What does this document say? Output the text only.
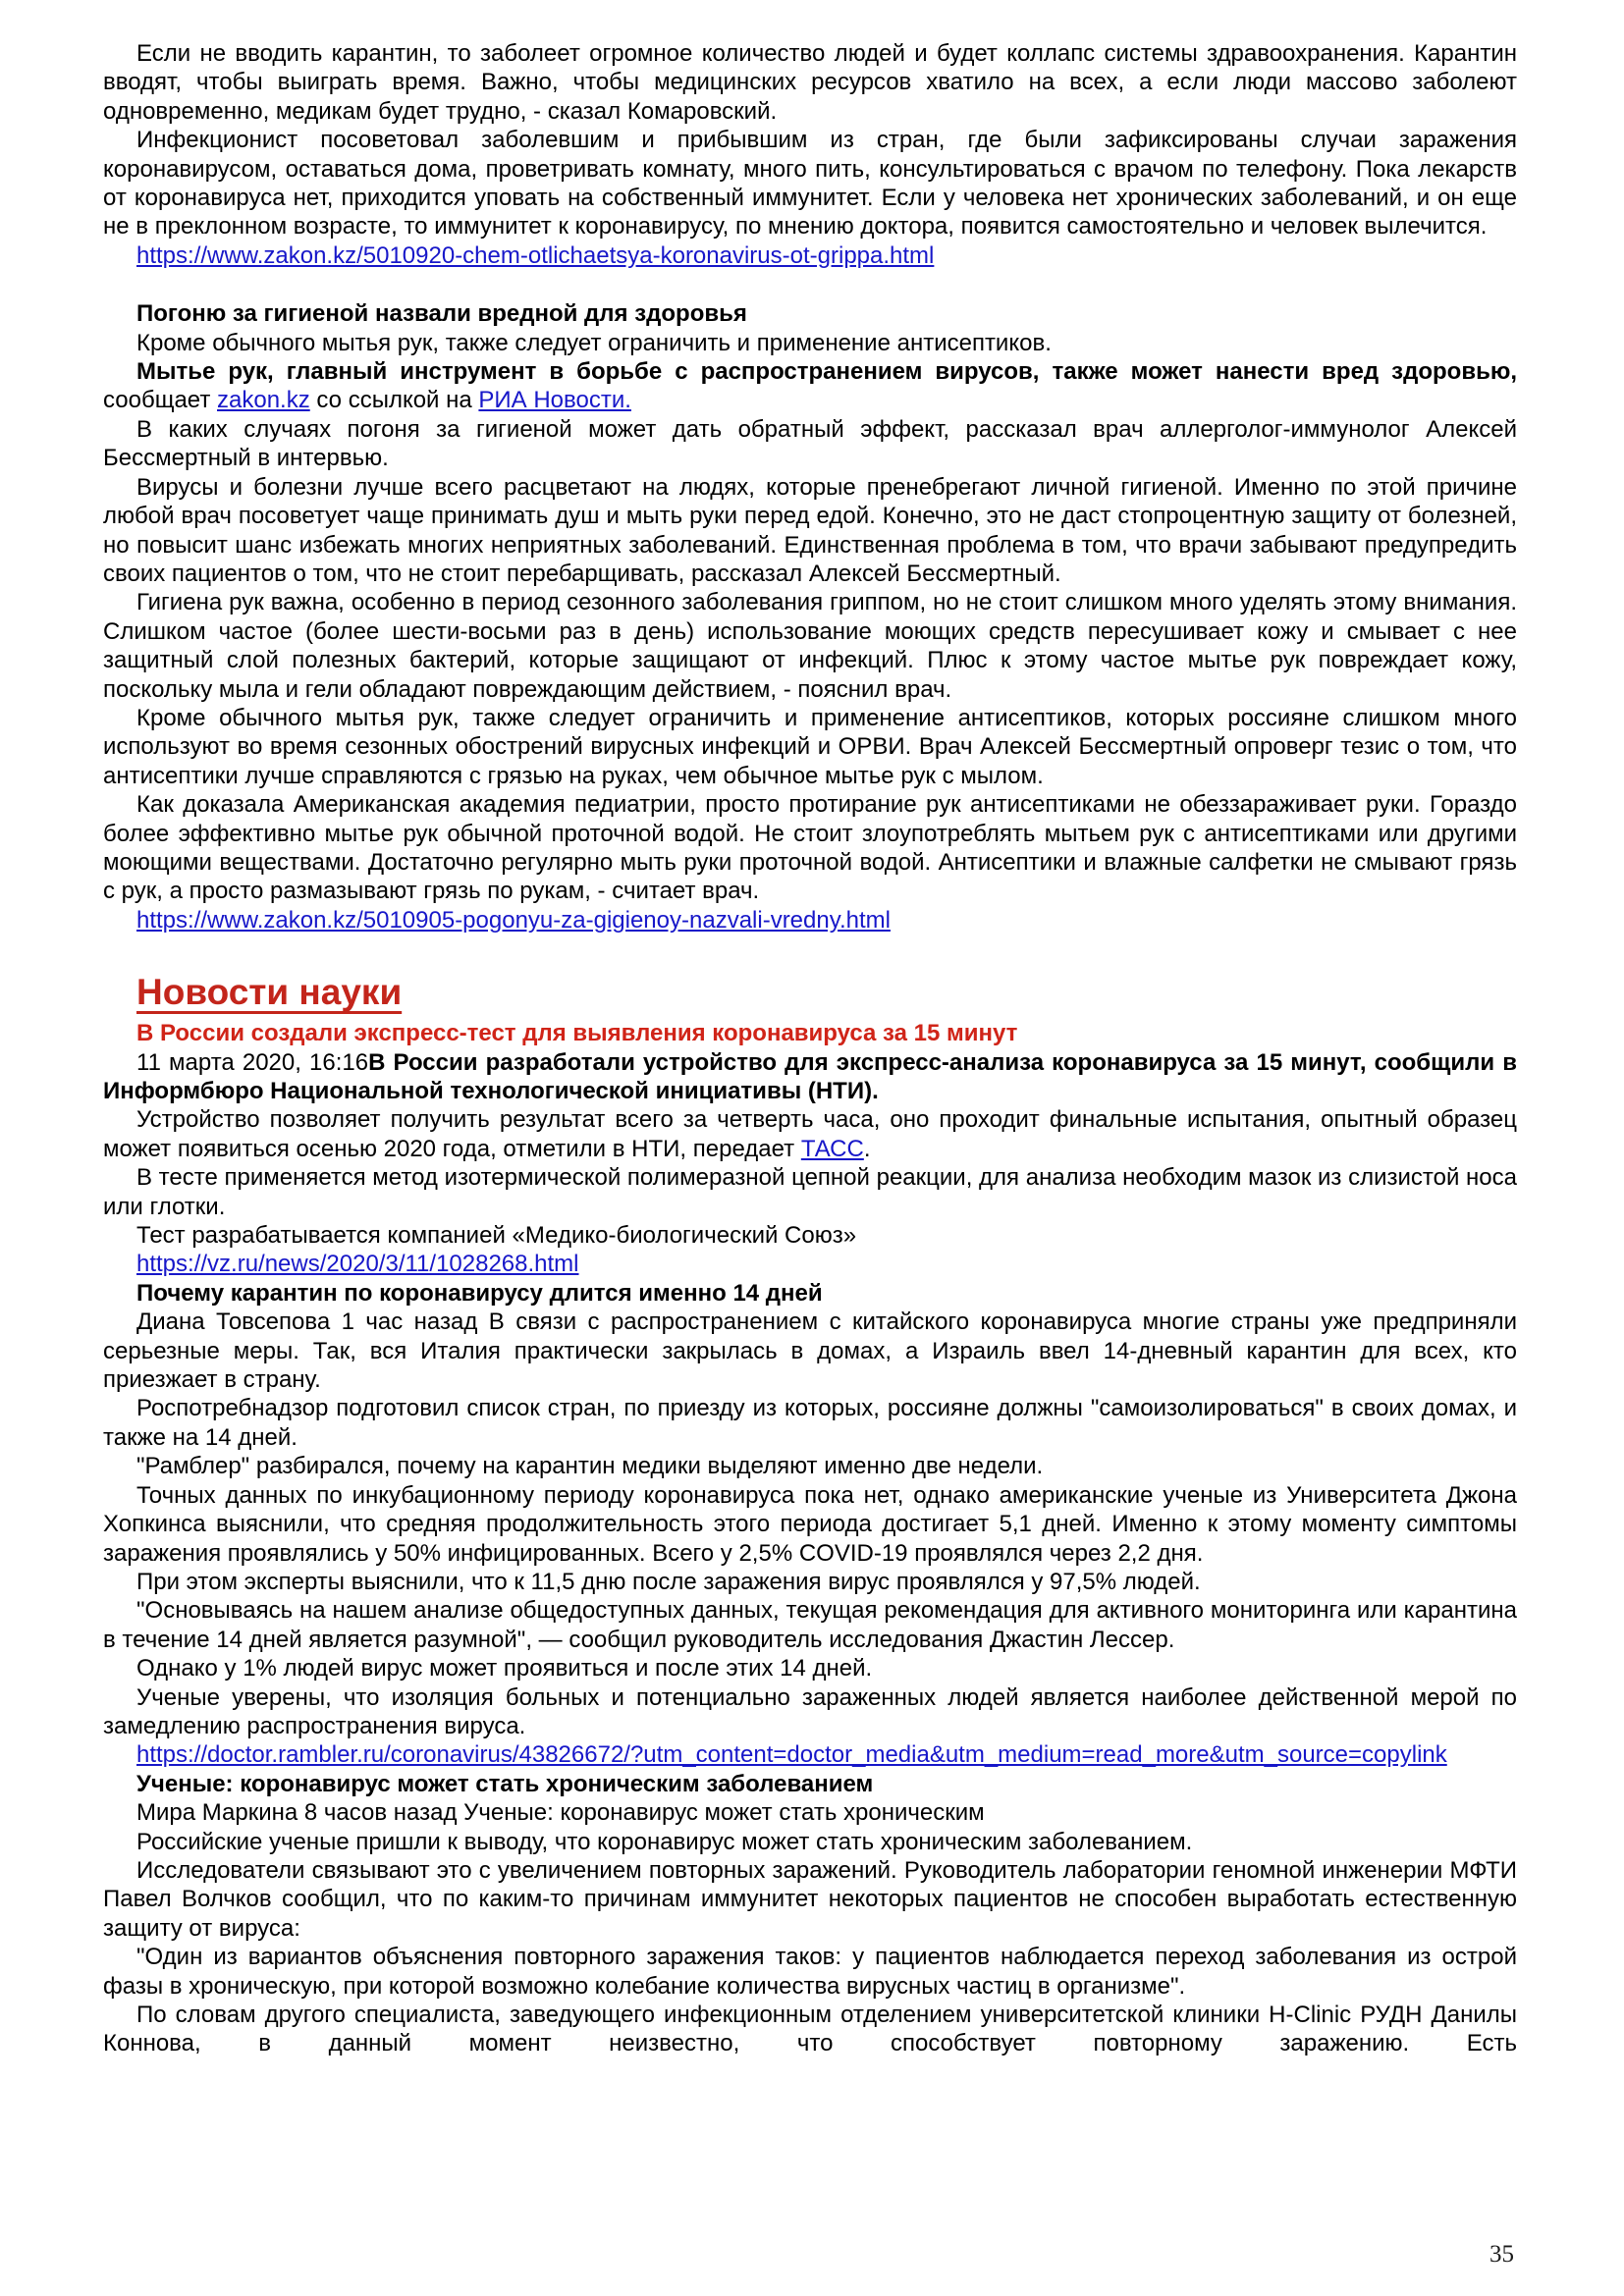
Если не вводить карантин, то заболеет огромное количество людей и будет коллапс системы здравоохранения. Карантин вводят, чтобы выиграть время. Важно, чтобы медицинских ресурсов хватило на всех, а если люди массово заболеют одновременно, медикам будет трудно, - сказал Комаровский.

Инфекционист посоветовал заболевшим и прибывшим из стран, где были зафиксированы случаи заражения коронавирусом, оставаться дома, проветривать комнату, много пить, консультироваться с врачом по телефону. Пока лекарств от коронавируса нет, приходится уповать на собственный иммунитет. Если у человека нет хронических заболеваний, и он еще не в преклонном возрасте, то иммунитет к коронавирусу, по мнению доктора, появится самостоятельно и человек вылечится.

https://www.zakon.kz/5010920-chem-otlichaetsya-koronavirus-ot-grippa.html

Погоню за гигиеной назвали вредной для здоровья

Кроме обычного мытья рук, также следует ограничить и применение антисептиков.

Мытье рук, главный инструмент в борьбе с распространением вирусов, также может нанести вред здоровью, сообщает zakon.kz со ссылкой на РИА Новости.

В каких случаях погоня за гигиеной может дать обратный эффект, рассказал врач аллерголог-иммунолог Алексей Бессмертный в интервью.

Вирусы и болезни лучше всего расцветают на людях, которые пренебрегают личной гигиеной. Именно по этой причине любой врач посоветует чаще принимать душ и мыть руки перед едой. Конечно, это не даст стопроцентную защиту от болезней, но повысит шанс избежать многих неприятных заболеваний. Единственная проблема в том, что врачи забывают предупредить своих пациентов о том, что не стоит перебарщивать, рассказал Алексей Бессмертный.

Гигиена рук важна, особенно в период сезонного заболевания гриппом, но не стоит слишком много уделять этому внимания. Слишком частое (более шести-восьми раз в день) использование моющих средств пересушивает кожу и смывает с нее защитный слой полезных бактерий, которые защищают от инфекций. Плюс к этому частое мытье рук повреждает кожу, поскольку мыла и гели обладают повреждающим действием, - пояснил врач.

Кроме обычного мытья рук, также следует ограничить и применение антисептиков, которых россияне слишком много используют во время сезонных обострений вирусных инфекций и ОРВИ. Врач Алексей Бессмертный опроверг тезис о том, что антисептики лучше справляются с грязью на руках, чем обычное мытье рук с мылом.

Как доказала Американская академия педиатрии, просто протирание рук антисептиками не обеззараживает руки. Гораздо более эффективно мытье рук обычной проточной водой. Не стоит злоупотреблять мытьем рук с антисептиками или другими моющими веществами. Достаточно регулярно мыть руки проточной водой. Антисептики и влажные салфетки не смывают грязь с рук, а просто размазывают грязь по рукам, - считает врач.

https://www.zakon.kz/5010905-pogonyu-za-gigienoy-nazvali-vredny.html

Новости науки

В России создали экспресс-тест для выявления коронавируса за 15 минут

11 марта 2020, 16:16В России разработали устройство для экспресс-анализа коронавируса за 15 минут, сообщили в Информбюро Национальной технологической инициативы (НТИ).

Устройство позволяет получить результат всего за четверть часа, оно проходит финальные испытания, опытный образец может появиться осенью 2020 года, отметили в НТИ, передает ТАСС.

В тесте применяется метод изотермической полимеразной цепной реакции, для анализа необходим мазок из слизистой носа или глотки.

Тест разрабатывается компанией «Медико-биологический Союз»

https://vz.ru/news/2020/3/11/1028268.html

Почему карантин по коронавирусу длится именно 14 дней

Диана Товсепова 1 час назад В связи с распространением с китайского коронавируса многие страны уже предприняли серьезные меры. Так, вся Италия практически закрылась в домах, а Израиль ввел 14-дневный карантин для всех, кто приезжает в страну.

Роспотребнадзор подготовил список стран, по приезду из которых, россияне должны "самоизолироваться" в своих домах, и также на 14 дней.

"Рамблер" разбирался, почему на карантин медики выделяют именно две недели.

Точных данных по инкубационному периоду коронавируса пока нет, однако американские ученые из Университета Джона Хопкинса выяснили, что средняя продолжительность этого периода достигает 5,1 дней. Именно к этому моменту симптомы заражения проявлялись у 50% инфицированных. Всего у 2,5% COVID-19 проявлялся через 2,2 дня.

При этом эксперты выяснили, что к 11,5 дню после заражения вирус проявлялся у 97,5% людей.

"Основываясь на нашем анализе общедоступных данных, текущая рекомендация для активного мониторинга или карантина в течение 14 дней является разумной", — сообщил руководитель исследования Джастин Лессер.

Однако у 1% людей вирус может проявиться и после этих 14 дней.

Ученые уверены, что изоляция больных и потенциально зараженных людей является наиболее действенной мерой по замедлению распространения вируса.

https://doctor.rambler.ru/coronavirus/43826672/?utm_content=doctor_media&utm_medium=read_more&utm_source=copylink

Ученые: коронавирус может стать хроническим заболеванием

Мира Маркина 8 часов назад Ученые: коронавирус может стать хроническим

Российские ученые пришли к выводу, что коронавирус может стать хроническим заболеванием.

Исследователи связывают это с увеличением повторных заражений. Руководитель лаборатории геномной инженерии МФТИ Павел Волчков сообщил, что по каким-то причинам иммунитет некоторых пациентов не способен выработать естественную защиту от вируса:

"Один из вариантов объяснения повторного заражения таков: у пациентов наблюдается переход заболевания из острой фазы в хроническую, при которой возможно колебание количества вирусных частиц в организме".

По словам другого специалиста, заведующего инфекционным отделением университетской клиники H-Clinic РУДН Данилы Коннова, в данный момент неизвестно, что способствует повторному заражению. Есть

35
